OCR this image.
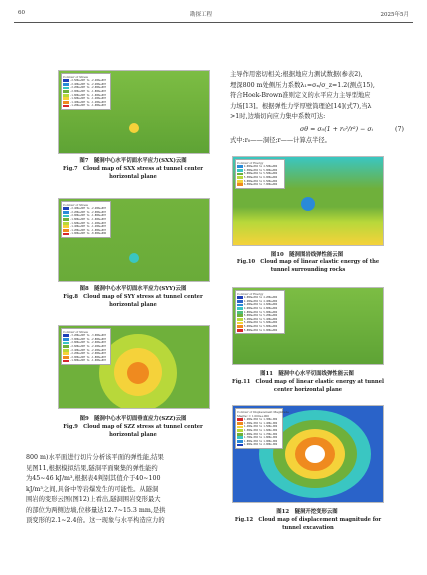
60	勘探工程	2025年5月
Contour of Stress
-2.500e+007 to -2.400e+007
-2.400e+007 to -2.200e+007
-2.200e+007 to -2.000e+007
-2.000e+007 to -1.800e+007
-1.800e+007 to -1.600e+007
-1.600e+007 to -1.400e+007
-1.400e+007 to -1.200e+007
-1.200e+007 to -1.000e+007
图7　隧洞中心水平切面水平应力(SXX)云图
Fig.7　Cloud map of SXX stress at tunnel center horizontal plane
Contour of Stress
-2.400e+007 to -2.200e+007
-2.200e+007 to -2.000e+007
-2.000e+007 to -1.800e+007
-1.800e+007 to -1.600e+007
-1.600e+007 to -1.400e+007
-1.400e+007 to -1.200e+007
-1.200e+007 to -1.000e+007
-1.000e+007 to -8.000e+006
图8　隧洞中心水平切面水平应力(SYY)云图
Fig.8　Cloud map of SYY stress at tunnel center horizontal plane
Contour of Stress
-3.200e+007 to -3.000e+007
-3.000e+007 to -2.800e+007
-2.800e+007 to -2.600e+007
-2.600e+007 to -2.400e+007
-2.400e+007 to -2.200e+007
-2.200e+007 to -2.000e+007
-2.000e+007 to -1.800e+007
-1.800e+007 to -1.600e+007
图9　隧洞中心水平切面垂直应力(SZZ)云图
Fig.9　Cloud map of SZZ stress at tunnel center horizontal plane
800 m)水平面进行切片分析该平面的弹性能,结果
见图11,根据模拟结果,隧洞平面聚集的弹性能约
为45~46 kJ/m³,根据表4判别其值介于40~100
kJ/m³之间,具备中等岩爆发生的可能性。从隧洞
围岩的变形云图(图12)上看出,隧洞围岩变形最大
的部位为两侧边墙,位移量达12.7~15.3 mm,是拱
顶变形的2.1~2.4倍。这一现象与水平构造应力的
主导作用密切相关;根据地应力测试数据(参表2),
埋深800 m处侧压力系数λ₁=σₓ/σ_z=1.2(测点15),
符合Hoek-Brown准则定义的水平应力主导型地应
力场[13]。根据弹性力学厚壁筒理论[14](式7),当λ
>1时,边墙切向应力集中系数可达:
σθ = σ₀(1 + r₀²/r²) − σᵢ	(7)
式中:r₀——洞径;r——计算点半径。
Contour of Energy
4.000e+004 to 4.500e+004
4.500e+004 to 5.000e+004
5.000e+004 to 5.500e+004
5.500e+004 to 6.000e+004
6.000e+004 to 6.500e+004
6.500e+004 to 7.000e+004
图10　隧洞围岩线弹性能云图
Fig.10　Cloud map of linear elastic energy of the tunnel surrounding rocks
Contour of Energy
4.000e+004 to 4.200e+004
4.200e+004 to 4.400e+004
4.400e+004 to 4.600e+004
4.600e+004 to 4.800e+004
4.800e+004 to 5.000e+004
5.000e+004 to 5.200e+004
5.200e+004 to 5.400e+004
5.400e+004 to 5.600e+004
5.600e+004 to 5.800e+004
5.800e+004 to 6.000e+004
图11　隧洞中心水平切面线弹性能云图
Fig.11　Cloud map of linear elastic energy at tunnel center horizontal plane
Contour of Displacement Magnitude
Magfac = 1.000e+000
1.200e-002 to 1.300e-002
1.300e-002 to 1.400e-002
1.400e-002 to 1.500e-002
1.500e-002 to 1.600e-002
1.600e-002 to 1.700e-002
1.700e-002 to 1.800e-002
1.800e-002 to 1.900e-002
1.900e-002 to 2.000e-002
图12　隧洞开挖变形云图
Fig.12　Cloud map of displacement magnitude for tunnel excavation
